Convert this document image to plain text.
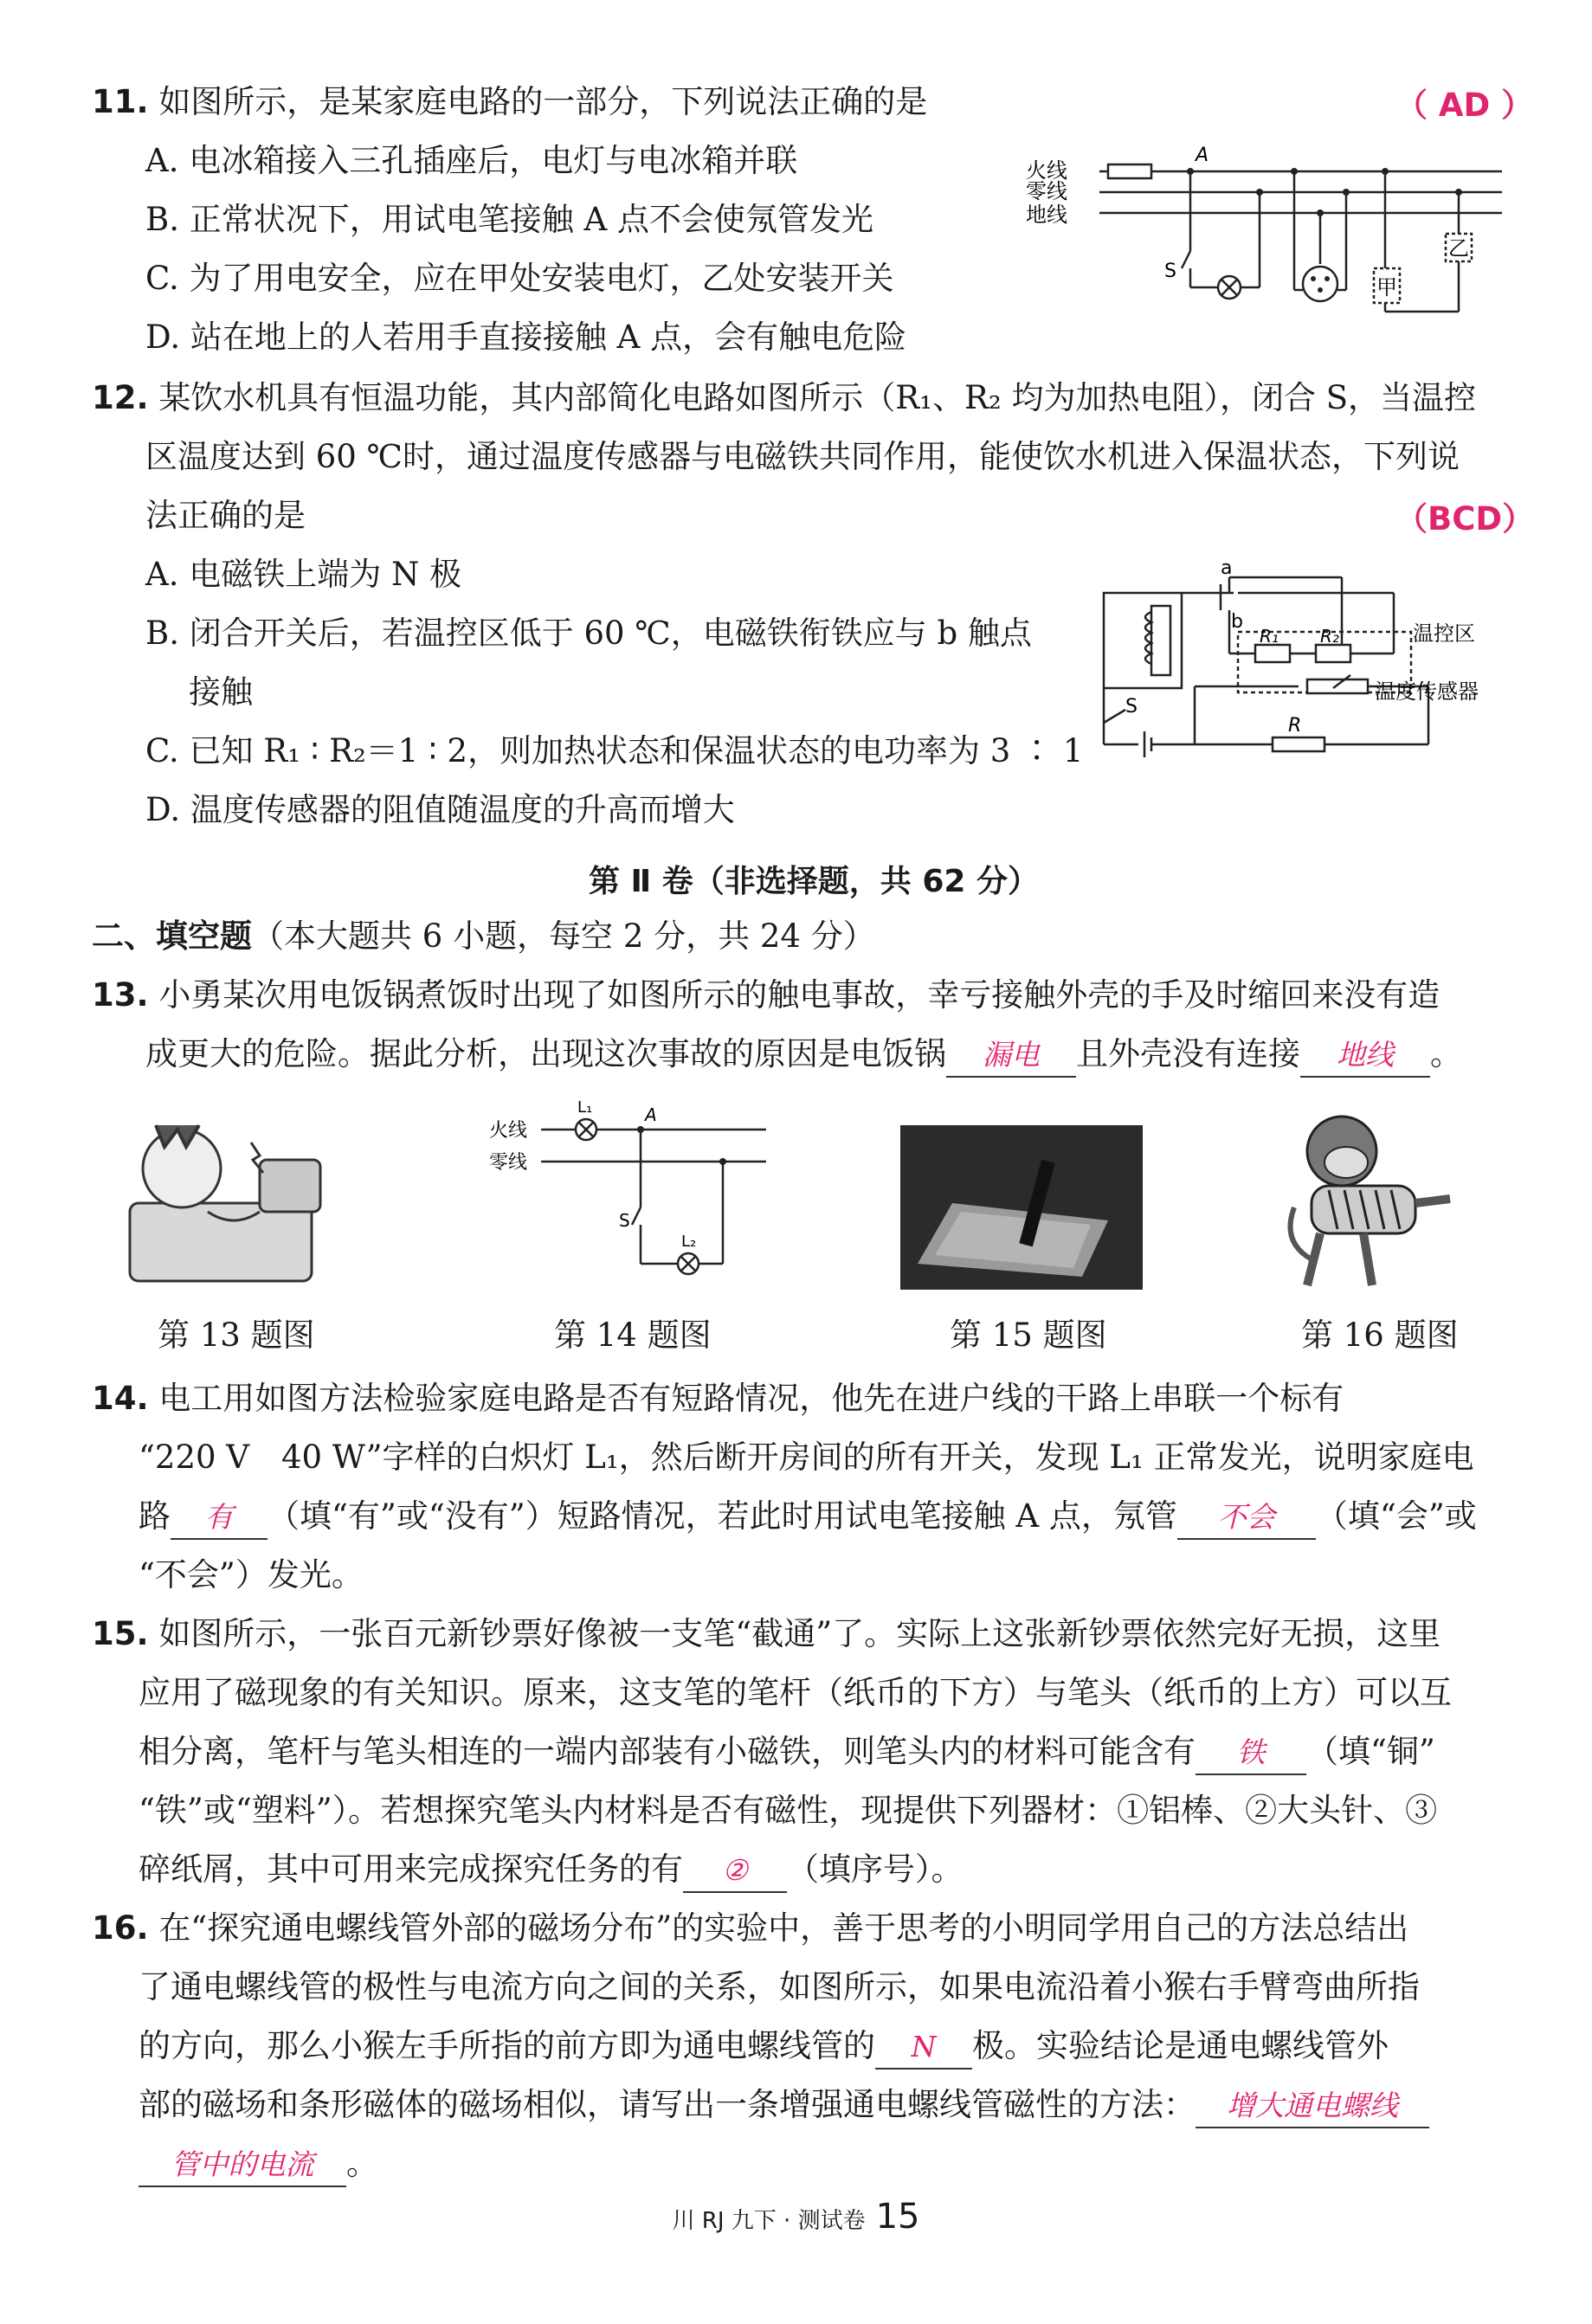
11. 如图所示，是某家庭电路的一部分，下列说法正确的是	（ AD ）
A. 电冰箱接入三孔插座后，电灯与电冰箱并联
B. 正常状况下，用试电笔接触 A 点不会使氖管发光
C. 为了用电安全，应在甲处安装电灯，乙处安装开关
D. 站在地上的人若用手直接接触 A 点，会有触电危险
火线
零线
地线
A
S
甲
乙
12. 某饮水机具有恒温功能，其内部简化电路如图所示（R₁、R₂ 均为加热电阻），闭合 S，当温控
区温度达到 60 ℃时，通过温度传感器与电磁铁共同作用，能使饮水机进入保温状态，下列说
法正确的是	（BCD）
A. 电磁铁上端为 N 极
B. 闭合开关后，若温控区低于 60 ℃，电磁铁衔铁应与 b 触点
接触
C. 已知 R₁ ∶ R₂＝1 ∶ 2，则加热状态和保温状态的电功率为 3 ∶ 1
D. 温度传感器的阻值随温度的升高而增大
a
b
S
R
R₁ R₂	温控区
温度传感器
第 Ⅱ 卷（非选择题，共 62 分）
二、填空题（本大题共 6 小题，每空 2 分，共 24 分）
13. 小勇某次用电饭锅煮饭时出现了如图所示的触电事故，幸亏接触外壳的手及时缩回来没有造
成更大的危险。据此分析，出现这次事故的原因是电饭锅 漏电 且外壳没有连接 地线 。
火线
零线
L₁	A
S
L₂
第 13 题图	第 14 题图	第 15 题图	第 16 题图
14. 电工用如图方法检验家庭电路是否有短路情况，他先在进户线的干路上串联一个标有
“220 V　40 W”字样的白炽灯 L₁，然后断开房间的所有开关，发现 L₁ 正常发光，说明家庭电
路 有 （填“有”或“没有”）短路情况，若此时用试电笔接触 A 点，氖管 不会 （填“会”或
“不会”）发光。
15. 如图所示，一张百元新钞票好像被一支笔“截通”了。实际上这张新钞票依然完好无损，这里
应用了磁现象的有关知识。原来，这支笔的笔杆（纸币的下方）与笔头（纸币的上方）可以互
相分离，笔杆与笔头相连的一端内部装有小磁铁，则笔头内的材料可能含有 铁 （填“铜”
“铁”或“塑料”）。若想探究笔头内材料是否有磁性，现提供下列器材：①铝棒、②大头针、③
碎纸屑，其中可用来完成探究任务的有 ② （填序号）。
16. 在“探究通电螺线管外部的磁场分布”的实验中，善于思考的小明同学用自己的方法总结出
了通电螺线管的极性与电流方向之间的关系，如图所示，如果电流沿着小猴右手臂弯曲所指
的方向，那么小猴左手所指的前方即为通电螺线管的 N 极。实验结论是通电螺线管外
部的磁场和条形磁体的磁场相似，请写出一条增强通电螺线管磁性的方法： 增大通电螺线
管中的电流 。
川 RJ 九下 · 测试卷 15
